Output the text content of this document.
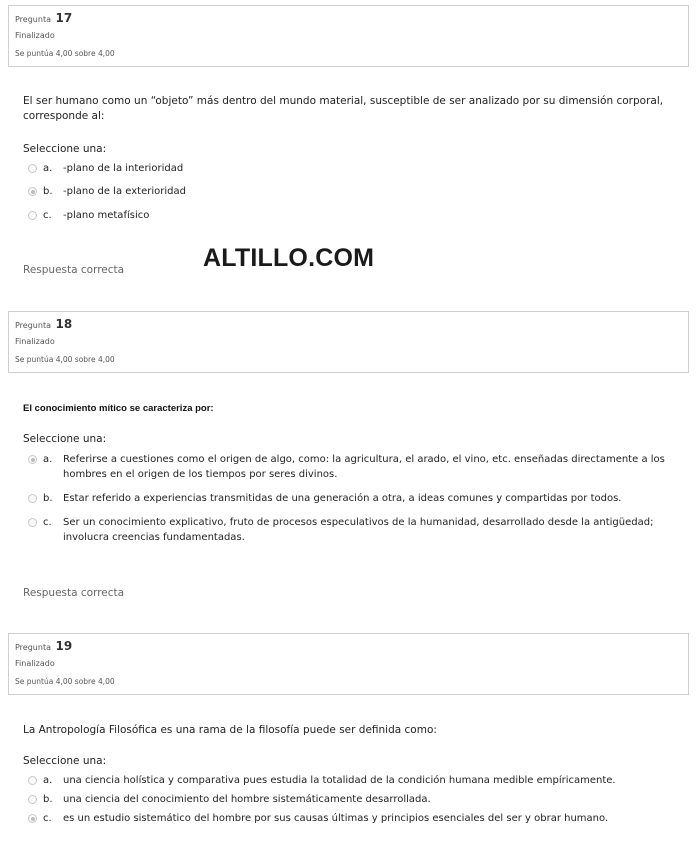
Pregunta 17
Finalizado
Se puntúa 4,00 sobre 4,00
El ser humano como un “objeto” más dentro del mundo material, susceptible de ser analizado por su dimensión corporal, corresponde al:
Seleccione una:
a.	-plano de la interioridad
b.	-plano de la exterioridad
c.	-plano metafísico
Respuesta correcta	ALTILLO.COM
Pregunta 18
Finalizado
Se puntúa 4,00 sobre 4,00
El conocimiento mítico se caracteriza por:
Seleccione una:
a.	Referirse a cuestiones como el origen de algo, como: la agricultura, el arado, el vino, etc. enseñadas directamente a los hombres en el origen de los tiempos por seres divinos.
b.	Estar referido a experiencias transmitidas de una generación a otra, a ideas comunes y compartidas por todos.
c.	Ser un conocimiento explicativo, fruto de procesos especulativos de la humanidad, desarrollado desde la antigüedad; involucra creencias fundamentadas.
Respuesta correcta
Pregunta 19
Finalizado
Se puntúa 4,00 sobre 4,00
La Antropología Filosófica es una rama de la filosofía puede ser definida como:
Seleccione una:
a.	una ciencia holística y comparativa pues estudia la totalidad de la condición humana medible empíricamente.
b.	una ciencia del conocimiento del hombre sistemáticamente desarrollada.
c.	es un estudio sistemático del hombre por sus causas últimas y principios esenciales del ser y obrar humano.
